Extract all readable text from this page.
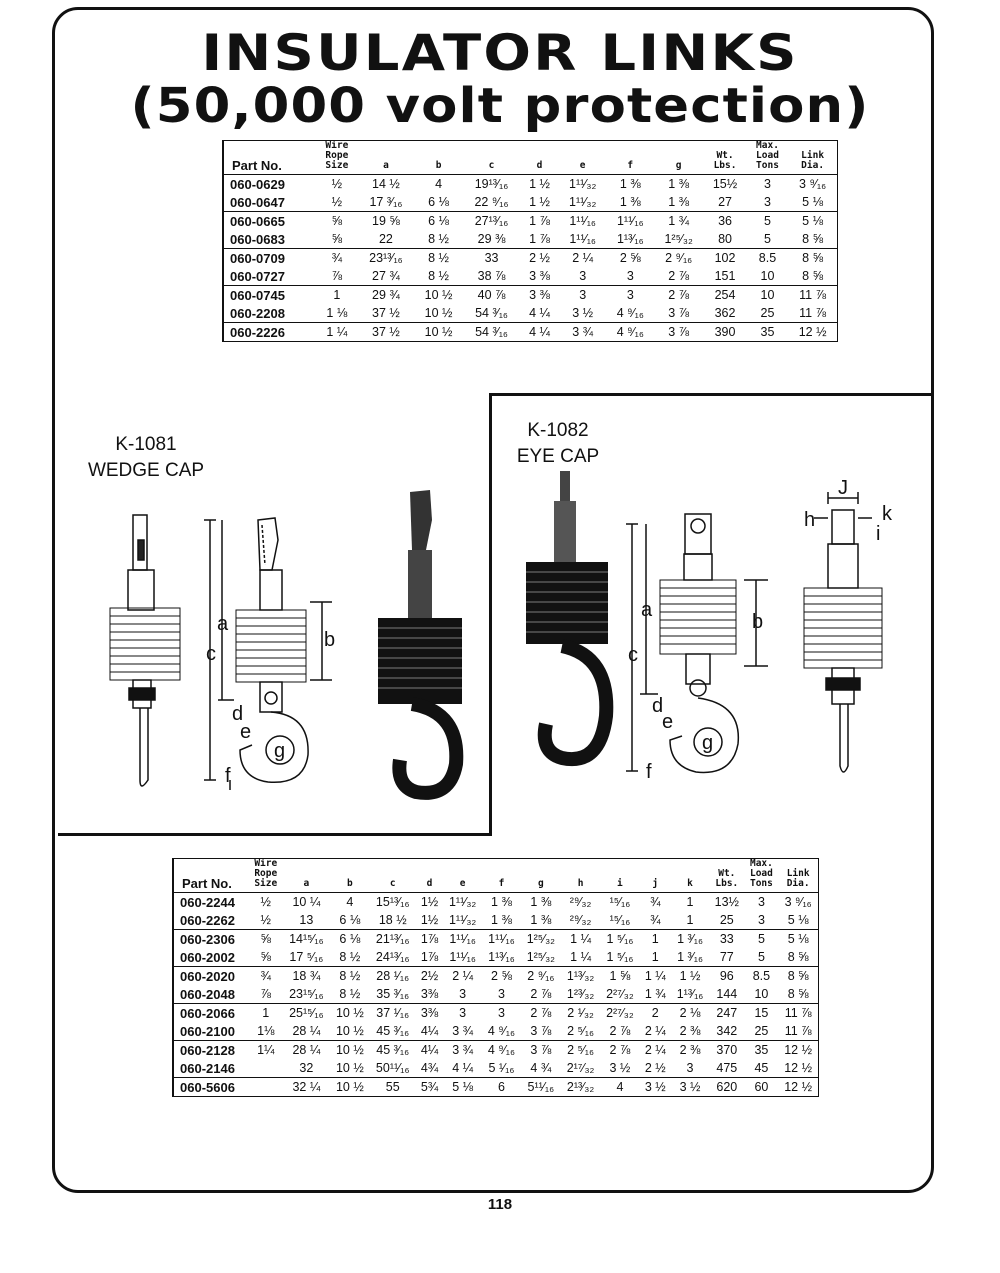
INSULATOR LINKS
(50,000 volt protection)
Part No.	Wire
Rope
Size	a	b	c	d	e	f	g	Wt.
Lbs.	Max.
Load
Tons	Link
Dia.
060-0629	½	14 ½	4	19¹³⁄₁₆	1 ½	1¹¹⁄₃₂	1 ⅜	1 ⅜	15½	3	3 ⁹⁄₁₆
060-0647	½	17 ³⁄₁₆	6 ⅛	22 ⁹⁄₁₆	1 ½	1¹¹⁄₃₂	1 ⅜	1 ⅜	27	3	5 ⅛
060-0665	⅝	19 ⅝	6 ⅛	27¹³⁄₁₆	1 ⅞	1¹¹⁄₁₆	1¹¹⁄₁₆	1 ¾	36	5	5 ⅛
060-0683	⅝	22	8 ½	29 ⅜	1 ⅞	1¹¹⁄₁₆	1¹³⁄₁₆	1²⁵⁄₃₂	80	5	8 ⅝
060-0709	¾	23¹³⁄₁₆	8 ½	33	2 ½	2 ¼	2 ⅝	2 ⁹⁄₁₆	102	8.5	8 ⅝
060-0727	⅞	27 ¾	8 ½	38 ⅞	3 ⅜	3	3	2 ⅞	151	10	8 ⅝
060-0745	1	29 ¾	10 ½	40 ⅞	3 ⅜	3	3	2 ⅞	254	10	11 ⅞
060-2208	1 ⅛	37 ½	10 ½	54 ³⁄₁₆	4 ¼	3 ½	4 ⁹⁄₁₆	3 ⅞	362	25	11 ⅞
060-2226	1 ¼	37 ½	10 ½	54 ³⁄₁₆	4 ¼	3 ¾	4 ⁹⁄₁₆	3 ⅞	390	35	12 ½
K-1081
WEDGE CAP
K-1082
EYE CAP
c
a
b
d
e
g
f
c
a
b
d
e
g
f
J
h	k
i
Part No.	Wire
Rope
Size	a	b	c	d	e	f	g	h	i	j	k	Wt.
Lbs.	Max.
Load
Tons	Link
Dia.
060-2244	½	10 ¼	4	15¹³⁄₁₆	1½	1¹¹⁄₃₂	1 ⅜	1 ⅜	²⁹⁄₃₂	¹⁵⁄₁₆	¾	1	13½	3	3 ⁹⁄₁₆
060-2262	½	13	6 ⅛	18 ½	1½	1¹¹⁄₃₂	1 ⅜	1 ⅜	²⁹⁄₃₂	¹⁵⁄₁₆	¾	1	25	3	5 ⅛
060-2306	⅝	14¹⁵⁄₁₆	6 ⅛	21¹³⁄₁₆	1⅞	1¹¹⁄₁₆	1¹¹⁄₁₆	1²⁵⁄₃₂	1 ¼	1 ⁵⁄₁₆	1	1 ³⁄₁₆	33	5	5 ⅛
060-2002	⅝	17 ⁵⁄₁₆	8 ½	24¹³⁄₁₆	1⅞	1¹¹⁄₁₆	1¹³⁄₁₆	1²⁵⁄₃₂	1 ¼	1 ⁵⁄₁₆	1	1 ³⁄₁₆	77	5	8 ⅝
060-2020	¾	18 ¾	8 ½	28 ¹⁄₁₆	2½	2 ¼	2 ⅝	2 ⁹⁄₁₆	1¹³⁄₃₂	1 ⅝	1 ¼	1 ½	96	8.5	8 ⅝
060-2048	⅞	23¹⁵⁄₁₆	8 ½	35 ³⁄₁₆	3⅜	3	3	2 ⅞	1²³⁄₃₂	2²⁷⁄₃₂	1 ¾	1¹³⁄₁₆	144	10	8 ⅝
060-2066	1	25¹⁵⁄₁₆	10 ½	37 ¹⁄₁₆	3⅜	3	3	2 ⅞	2 ¹⁄₃₂	2²⁷⁄₃₂	2	2 ⅛	247	15	11 ⅞
060-2100	1⅛	28 ¼	10 ½	45 ³⁄₁₆	4¼	3 ¾	4 ⁹⁄₁₆	3 ⅞	2 ⁵⁄₁₆	2 ⅞	2 ¼	2 ⅜	342	25	11 ⅞
060-2128	1¼	28 ¼	10 ½	45 ³⁄₁₆	4¼	3 ¾	4 ⁹⁄₁₆	3 ⅞	2 ⁵⁄₁₆	2 ⅞	2 ¼	2 ⅜	370	35	12 ½
060-2146		32	10 ½	50¹¹⁄₁₆	4¾	4 ¼	5 ¹⁄₁₆	4 ¾	2¹⁷⁄₃₂	3 ½	2 ½	3	475	45	12 ½
060-5606		32 ¼	10 ½	55	5¾	5 ⅛	6	5¹¹⁄₁₆	2¹³⁄₃₂	4	3 ½	3 ½	620	60	12 ½
118
